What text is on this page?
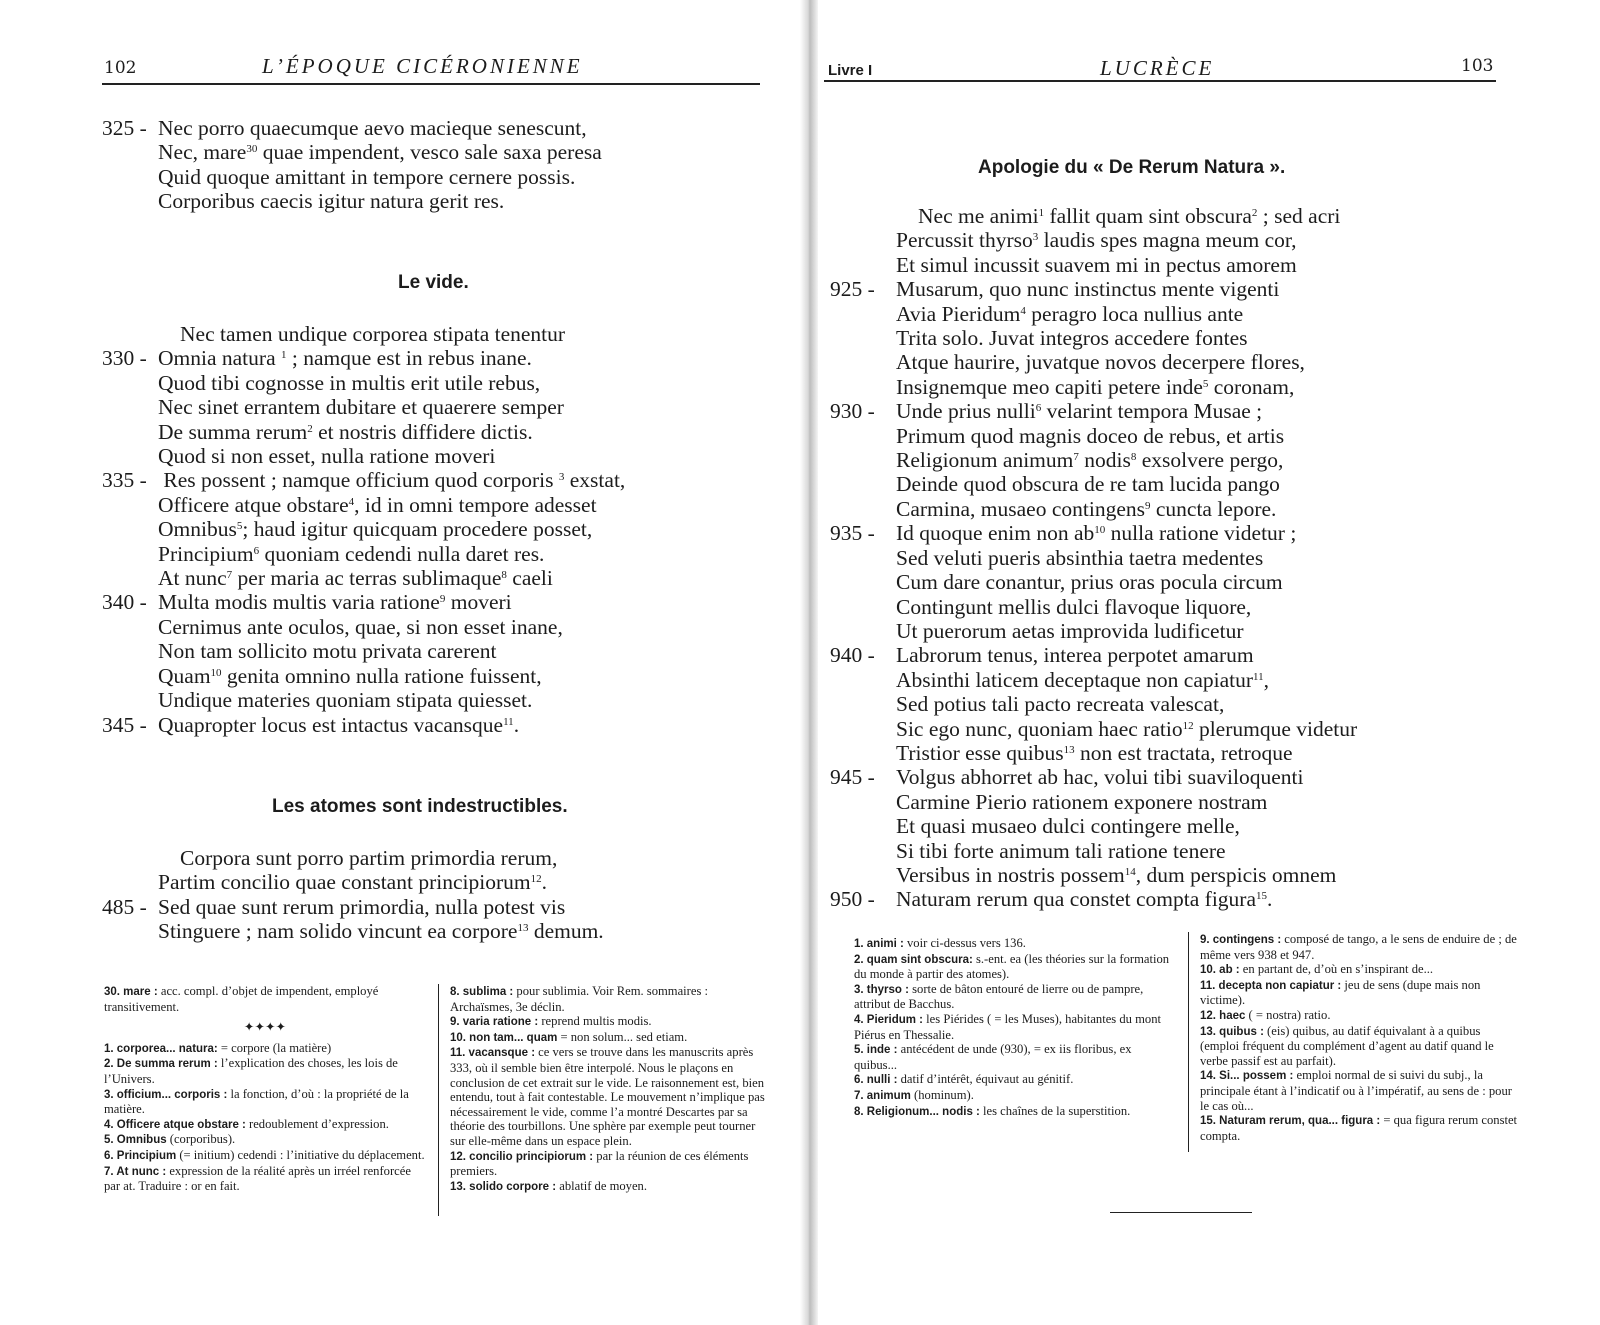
102	L’ÉPOQUE CICÉRONIENNE
325 - Nec porro quaecumque aevo macieque senescunt,
Nec, mare$^{30}$ quae impendent, vesco sale saxa peresa
Quid quoque amittant in tempore cernere possis.
Corporibus caecis igitur natura gerit res.
Le vide.
Nec tamen undique corporea stipata tenentur
330 - Omnia natura $^1$ ; namque est in rebus inane.
Quod tibi cognosse in multis erit utile rebus,
Nec sinet errantem dubitare et quaerere semper
De summa rerum$^2$ et nostris diffidere dictis.
Quod si non esset, nulla ratione moveri
335 - Res possent ; namque officium quod corporis $^3$ exstat,
Officere atque obstare$^4$, id in omni tempore adesset
Omnibus$^5$; haud igitur quicquam procedere posset,
Principium$^6$ quoniam cedendi nulla daret res.
At nunc$^7$ per maria ac terras sublimaque$^8$ caeli
340 - Multa modis multis varia ratione$^9$ moveri
Cernimus ante oculos, quae, si non esset inane,
Non tam sollicito motu privata carerent
Quam$^{10}$ genita omnino nulla ratione fuissent,
Undique materies quoniam stipata quiesset.
345 - Quapropter locus est intactus vacansque$^{11}$.
Les atomes sont indestructibles.
Corpora sunt porro partim primordia rerum,
Partim concilio quae constant principiorum$^{12}$.
485 - Sed quae sunt rerum primordia, nulla potest vis
Stinguere ; nam solido vincunt ea corpore$^{13}$ demum.

30. mare : acc. compl. d’objet de impendent, employé transitivement.

✦✦✦✦

1. corporea... natura: = corpore (la matière)

2. De summa rerum : l’explication des choses, les lois de l’Univers.

3. officium... corporis : la fonction, d’où : la propriété de la matière.

4. Officere atque obstare : redoublement d’expression.

5. Omnibus (corporibus).

6. Principium (= initium) cedendi : l’initiative du déplacement.

7. At nunc : expression de la réalité après un irréel renforcée par at. Traduire : or en fait.

8. sublima : pour sublimia. Voir Rem. sommaires : Archaïsmes, 3e déclin.

9. varia ratione : reprend multis modis.

10. non tam... quam = non solum... sed etiam.

11. vacansque : ce vers se trouve dans les manuscrits après 333, où il semble bien être interpolé. Nous le plaçons en conclusion de cet extrait sur le vide. Le raisonnement est, bien entendu, tout à fait contestable. Le mouvement n’implique pas nécessairement le vide, comme l’a montré Descartes par sa théorie des tourbillons. Une sphère par exemple peut tourner sur elle-même dans un espace plein.

12. concilio principiorum : par la réunion de ces éléments premiers.

13. solido corpore : ablatif de moyen.

Livre I	LUCRÈCE	103
Apologie du « De Rerum Natura ».
Nec me animi$^1$ fallit quam sint obscura$^2$ ; sed acri
Percussit thyrso$^3$ laudis spes magna meum cor,
Et simul incussit suavem mi in pectus amorem
925 - Musarum, quo nunc instinctus mente vigenti
Avia Pieridum$^4$ peragro loca nullius ante
Trita solo. Juvat integros accedere fontes
Atque haurire, juvatque novos decerpere flores,
Insignemque meo capiti petere inde$^5$ coronam,
930 - Unde prius nulli$^6$ velarint tempora Musae ;
Primum quod magnis doceo de rebus, et artis
Religionum animum$^7$ nodis$^8$ exsolvere pergo,
Deinde quod obscura de re tam lucida pango
Carmina, musaeo contingens$^9$ cuncta lepore.
935 - Id quoque enim non $ab^{10}$ nulla ratione videtur ;
Sed veluti pueris absinthia taetra medentes
Cum dare conantur, prius oras pocula circum
Contingunt mellis dulci flavoque liquore,
Ut puerorum aetas improvida ludificetur
940 - Labrorum tenus, interea perpotet amarum
Absinthi laticem deceptaque non capiatur$^{11}$,
Sed potius tali pacto recreata valescat,
Sic ego nunc, quoniam haec ratio$^{12}$ plerumque videtur
Tristior esse quibus$^{13}$ non est tractata, retroque
945 - Volgus abhorret ab hac, volui tibi suaviloquenti
Carmine Pierio rationem exponere nostram
Et quasi musaeo dulci contingere melle,
Si tibi forte animum tali ratione tenere
Versibus in nostris possem$^{14}$, dum perspicis omnem
950 - Naturam rerum qua constet compta figura$^{15}$.

1. animi : voir ci-dessus vers 136.

2. quam sint obscura: s.-ent. ea (les théories sur la formation du monde à partir des atomes).

3. thyrso : sorte de bâton entouré de lierre ou de pampre, attribut de Bacchus.

4. Pieridum : les Piérides ( = les Muses), habitantes du mont Piérus en Thessalie.

5. inde : antécédent de unde (930), = ex iis floribus, ex quibus...

6. nulli : datif d’intérêt, équivaut au génitif.

7. animum (hominum).

8. Religionum... nodis : les chaînes de la superstition.

9. contingens : composé de tango, a le sens de enduire de ; de même vers 938 et 947.

10. ab : en partant de, d’où en s’inspirant de...

11. decepta non capiatur : jeu de sens (dupe mais non victime).

12. haec ( = nostra) ratio.

13. quibus : (eis) quibus, au datif équivalant à a quibus (emploi fréquent du complément d’agent au datif quand le verbe passif est au parfait).

14. Si... possem : emploi normal de si suivi du subj., la principale étant à l’indicatif ou à l’impératif, au sens de : pour le cas où...

15. Naturam rerum, qua... figura : = qua figura rerum constet compta.
